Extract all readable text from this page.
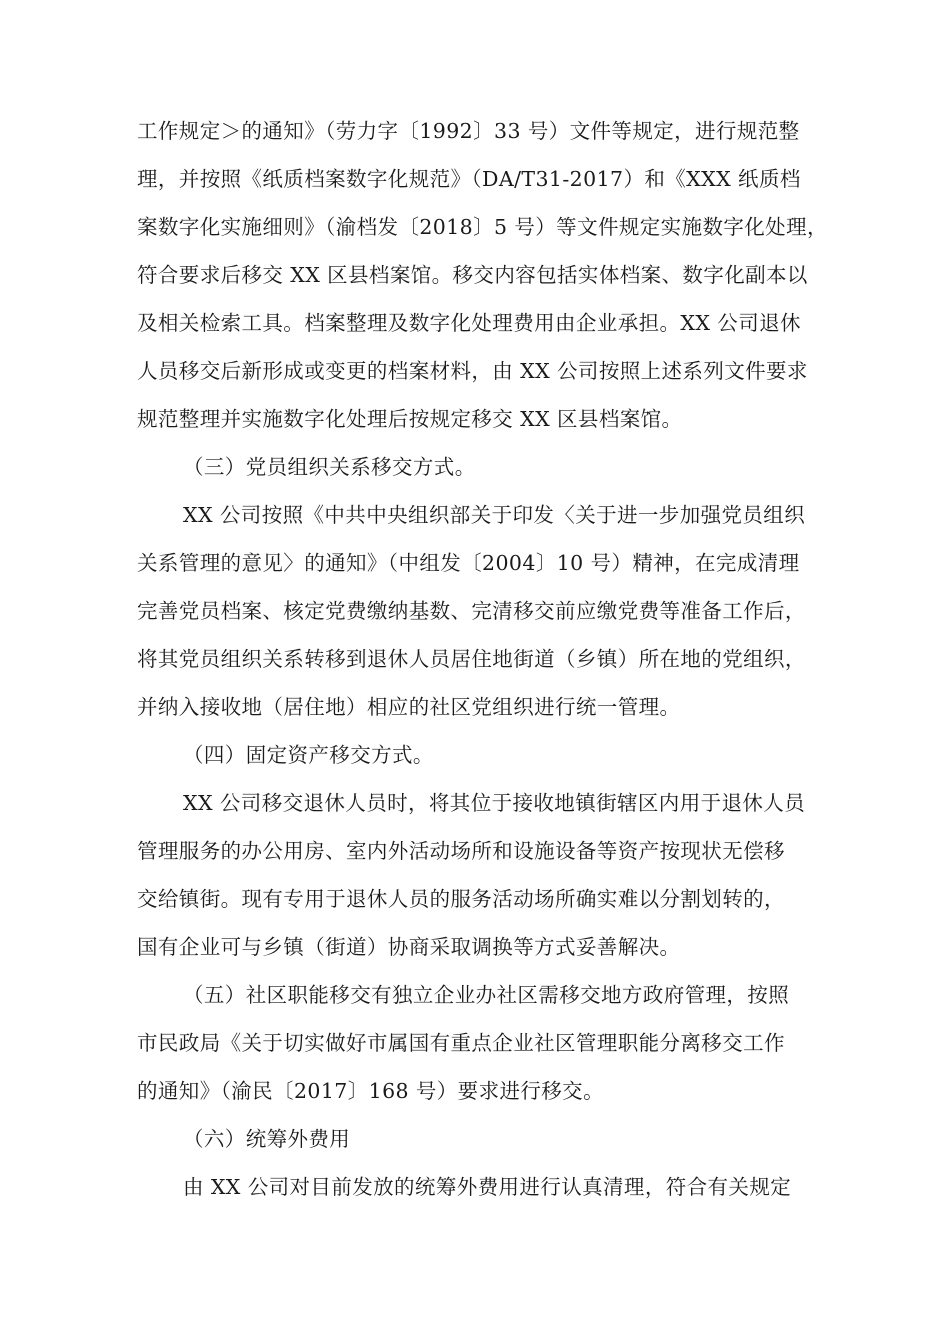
工作规定＞的通知》（劳力字〔1992〕33 号）文件等规定，进行规范整
理，并按照《纸质档案数字化规范》（DA/T31-2017）和《XXX 纸质档
案数字化实施细则》（渝档发〔2018〕5 号）等文件规定实施数字化处理，
符合要求后移交 XX 区县档案馆。移交内容包括实体档案、数字化副本以
及相关检索工具。档案整理及数字化处理费用由企业承担。XX 公司退休
人员移交后新形成或变更的档案材料，由 XX 公司按照上述系列文件要求
规范整理并实施数字化处理后按规定移交 XX 区县档案馆。
（三）党员组织关系移交方式。
XX 公司按照《中共中央组织部关于印发〈关于进一步加强党员组织
关系管理的意见〉的通知》（中组发〔2004〕10 号）精神，在完成清理
完善党员档案、核定党费缴纳基数、完清移交前应缴党费等准备工作后，
将其党员组织关系转移到退休人员居住地街道（乡镇）所在地的党组织，
并纳入接收地（居住地）相应的社区党组织进行统一管理。
（四）固定资产移交方式。
XX 公司移交退休人员时，将其位于接收地镇街辖区内用于退休人员
管理服务的办公用房、室内外活动场所和设施设备等资产按现状无偿移
交给镇街。现有专用于退休人员的服务活动场所确实难以分割划转的，
国有企业可与乡镇（街道）协商采取调换等方式妥善解决。
（五）社区职能移交有独立企业办社区需移交地方政府管理，按照
市民政局《关于切实做好市属国有重点企业社区管理职能分离移交工作
的通知》（渝民〔2017〕168 号）要求进行移交。
（六）统筹外费用
由 XX 公司对目前发放的统筹外费用进行认真清理，符合有关规定
